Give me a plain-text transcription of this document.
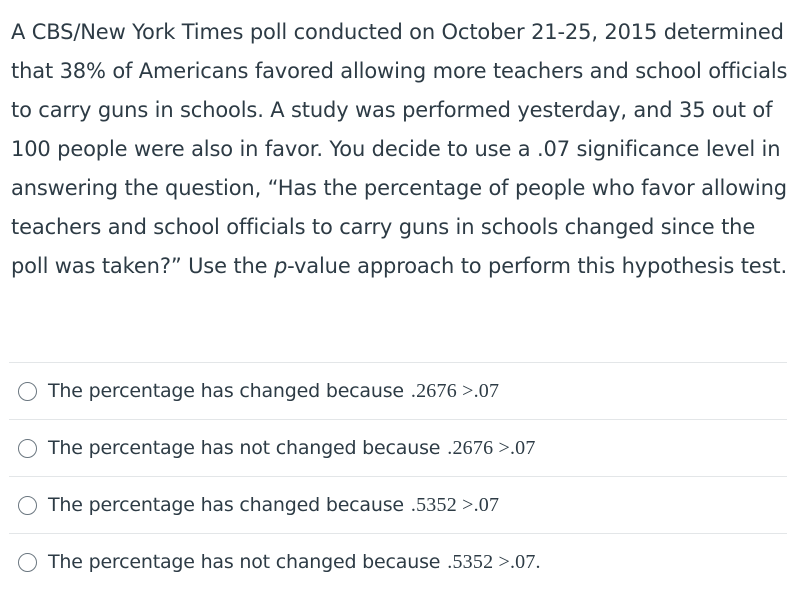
A CBS/New York Times poll conducted on October 21-25, 2015 determined that 38% of Americans favored allowing more teachers and school officials to carry guns in schools. A study was performed yesterday, and 35 out of 100 people were also in favor. You decide to use a .07 significance level in answering the question, “Has the percentage of people who favor allowing teachers and school officials to carry guns in schools changed since the poll was taken?” Use the p-value approach to perform this hypothesis test.

The percentage has changed because .2676 >.07
The percentage has not changed because .2676 >.07
The percentage has changed because .5352 >.07
The percentage has not changed because .5352 >.07.
